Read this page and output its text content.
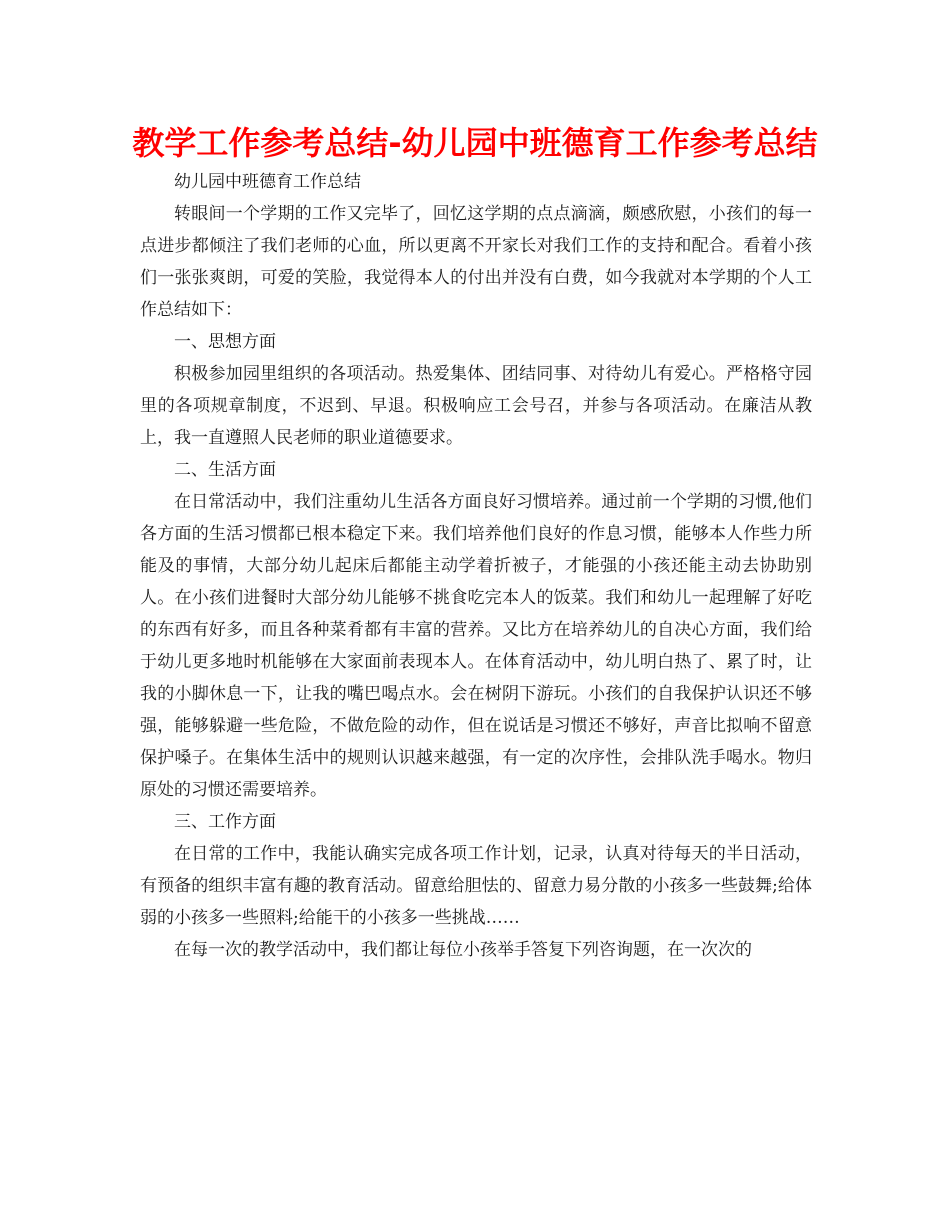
教学工作参考总结-幼儿园中班德育工作参考总结

幼儿园中班德育工作总结

转眼间一个学期的工作又完毕了，回忆这学期的点点滴滴，颇感欣慰，小孩们的每一点进步都倾注了我们老师的心血，所以更离不开家长对我们工作的支持和配合。看着小孩们一张张爽朗，可爱的笑脸，我觉得本人的付出并没有白费，如今我就对本学期的个人工作总结如下：

一、思想方面

积极参加园里组织的各项活动。热爱集体、团结同事、对待幼儿有爱心。严格格守园里的各项规章制度，不迟到、早退。积极响应工会号召，并参与各项活动。在廉洁从教上，我一直遵照人民老师的职业道德要求。

二、生活方面

在日常活动中，我们注重幼儿生活各方面良好习惯培养。通过前一个学期的习惯,他们各方面的生活习惯都已根本稳定下来。我们培养他们良好的作息习惯，能够本人作些力所能及的事情，大部分幼儿起床后都能主动学着折被子，才能强的小孩还能主动去协助别人。在小孩们进餐时大部分幼儿能够不挑食吃完本人的饭菜。我们和幼儿一起理解了好吃的东西有好多，而且各种菜肴都有丰富的营养。又比方在培养幼儿的自决心方面，我们给于幼儿更多地时机能够在大家面前表现本人。在体育活动中，幼儿明白热了、累了时，让我的小脚休息一下，让我的嘴巴喝点水。会在树阴下游玩。小孩们的自我保护认识还不够强，能够躲避一些危险，不做危险的动作，但在说话是习惯还不够好，声音比拟响不留意保护嗓子。在集体生活中的规则认识越来越强，有一定的次序性，会排队洗手喝水。物归原处的习惯还需要培养。

三、工作方面

在日常的工作中，我能认确实完成各项工作计划，记录，认真对待每天的半日活动，有预备的组织丰富有趣的教育活动。留意给胆怯的、留意力易分散的小孩多一些鼓舞;给体弱的小孩多一些照料;给能干的小孩多一些挑战……

在每一次的教学活动中，我们都让每位小孩举手答复下列咨询题，在一次次的
